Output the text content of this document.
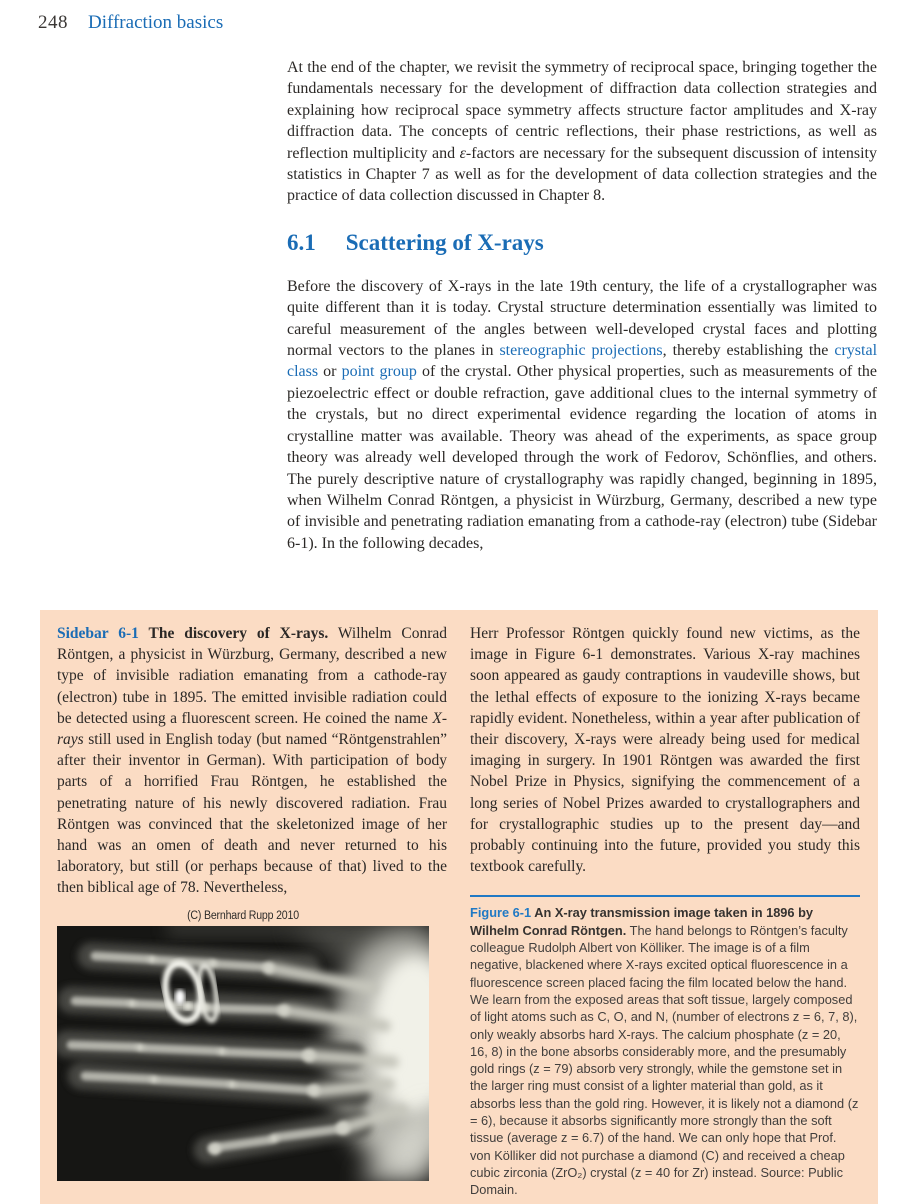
248 Diffraction basics

At the end of the chapter, we revisit the symmetry of reciprocal space, bringing together the fundamentals necessary for the development of diffraction data collection strategies and explaining how reciprocal space symmetry affects structure factor amplitudes and X-ray diffraction data. The concepts of centric reflections, their phase restrictions, as well as reflection multiplicity and ε-factors are necessary for the subsequent discussion of intensity statistics in Chapter 7 as well as for the development of data collection strategies and the practice of data collection discussed in Chapter 8.

6.1 Scattering of X-rays

Before the discovery of X-rays in the late 19th century, the life of a crystallographer was quite different than it is today. Crystal structure determination essentially was limited to careful measurement of the angles between well-developed crystal faces and plotting normal vectors to the planes in stereographic projections, thereby establishing the crystal class or point group of the crystal. Other physical properties, such as measurements of the piezoelectric effect or double refraction, gave additional clues to the internal symmetry of the crystals, but no direct experimental evidence regarding the location of atoms in crystalline matter was available. Theory was ahead of the experiments, as space group theory was already well developed through the work of Fedorov, Schönflies, and others. The purely descriptive nature of crystallography was rapidly changed, beginning in 1895, when Wilhelm Conrad Röntgen, a physicist in Würzburg, Germany, described a new type of invisible and penetrating radiation emanating from a cathode-ray (electron) tube (Sidebar 6-1). In the following decades,

Sidebar 6-1 The discovery of X-rays. Wilhelm Conrad Röntgen, a physicist in Würzburg, Germany, described a new type of invisible radiation emanating from a cathode-ray (electron) tube in 1895. The emitted invisible radiation could be detected using a fluorescent screen. He coined the name X-rays still used in English today (but named “Röntgenstrahlen” after their inventor in German). With participation of body parts of a horrified Frau Röntgen, he established the penetrating nature of his newly discovered radiation. Frau Röntgen was convinced that the skeletonized image of her hand was an omen of death and never returned to his laboratory, but still (or perhaps because of that) lived to the then biblical age of 78. Nevertheless,

(C) Bernhard Rupp 2010

Herr Professor Röntgen quickly found new victims, as the image in Figure 6-1 demonstrates. Various X-ray machines soon appeared as gaudy contraptions in vaudeville shows, but the lethal effects of exposure to the ionizing X-rays became rapidly evident. Nonetheless, within a year after publication of their discovery, X-rays were already being used for medical imaging in surgery. In 1901 Röntgen was awarded the first Nobel Prize in Physics, signifying the commencement of a long series of Nobel Prizes awarded to crystallographers and for crystallographic studies up to the present day—and probably continuing into the future, provided you study this textbook carefully.

Figure 6-1 An X-ray transmission image taken in 1896 by Wilhelm Conrad Röntgen. The hand belongs to Röntgen’s faculty colleague Rudolph Albert von Kölliker. The image is of a film negative, blackened where X-rays excited optical fluorescence in a fluorescence screen placed facing the film located below the hand. We learn from the exposed areas that soft tissue, largely composed of light atoms such as C, O, and N, (number of electrons z = 6, 7, 8), only weakly absorbs hard X-rays. The calcium phosphate (z = 20, 16, 8) in the bone absorbs considerably more, and the presumably gold rings (z = 79) absorb very strongly, while the gemstone set in the larger ring must consist of a lighter material than gold, as it absorbs less than the gold ring. However, it is likely not a diamond (z = 6), because it absorbs significantly more strongly than the soft tissue (average z = 6.7) of the hand. We can only hope that Prof. von Kölliker did not purchase a diamond (C) and received a cheap cubic zirconia (ZrO₂) crystal (z = 40 for Zr) instead. Source: Public Domain.
